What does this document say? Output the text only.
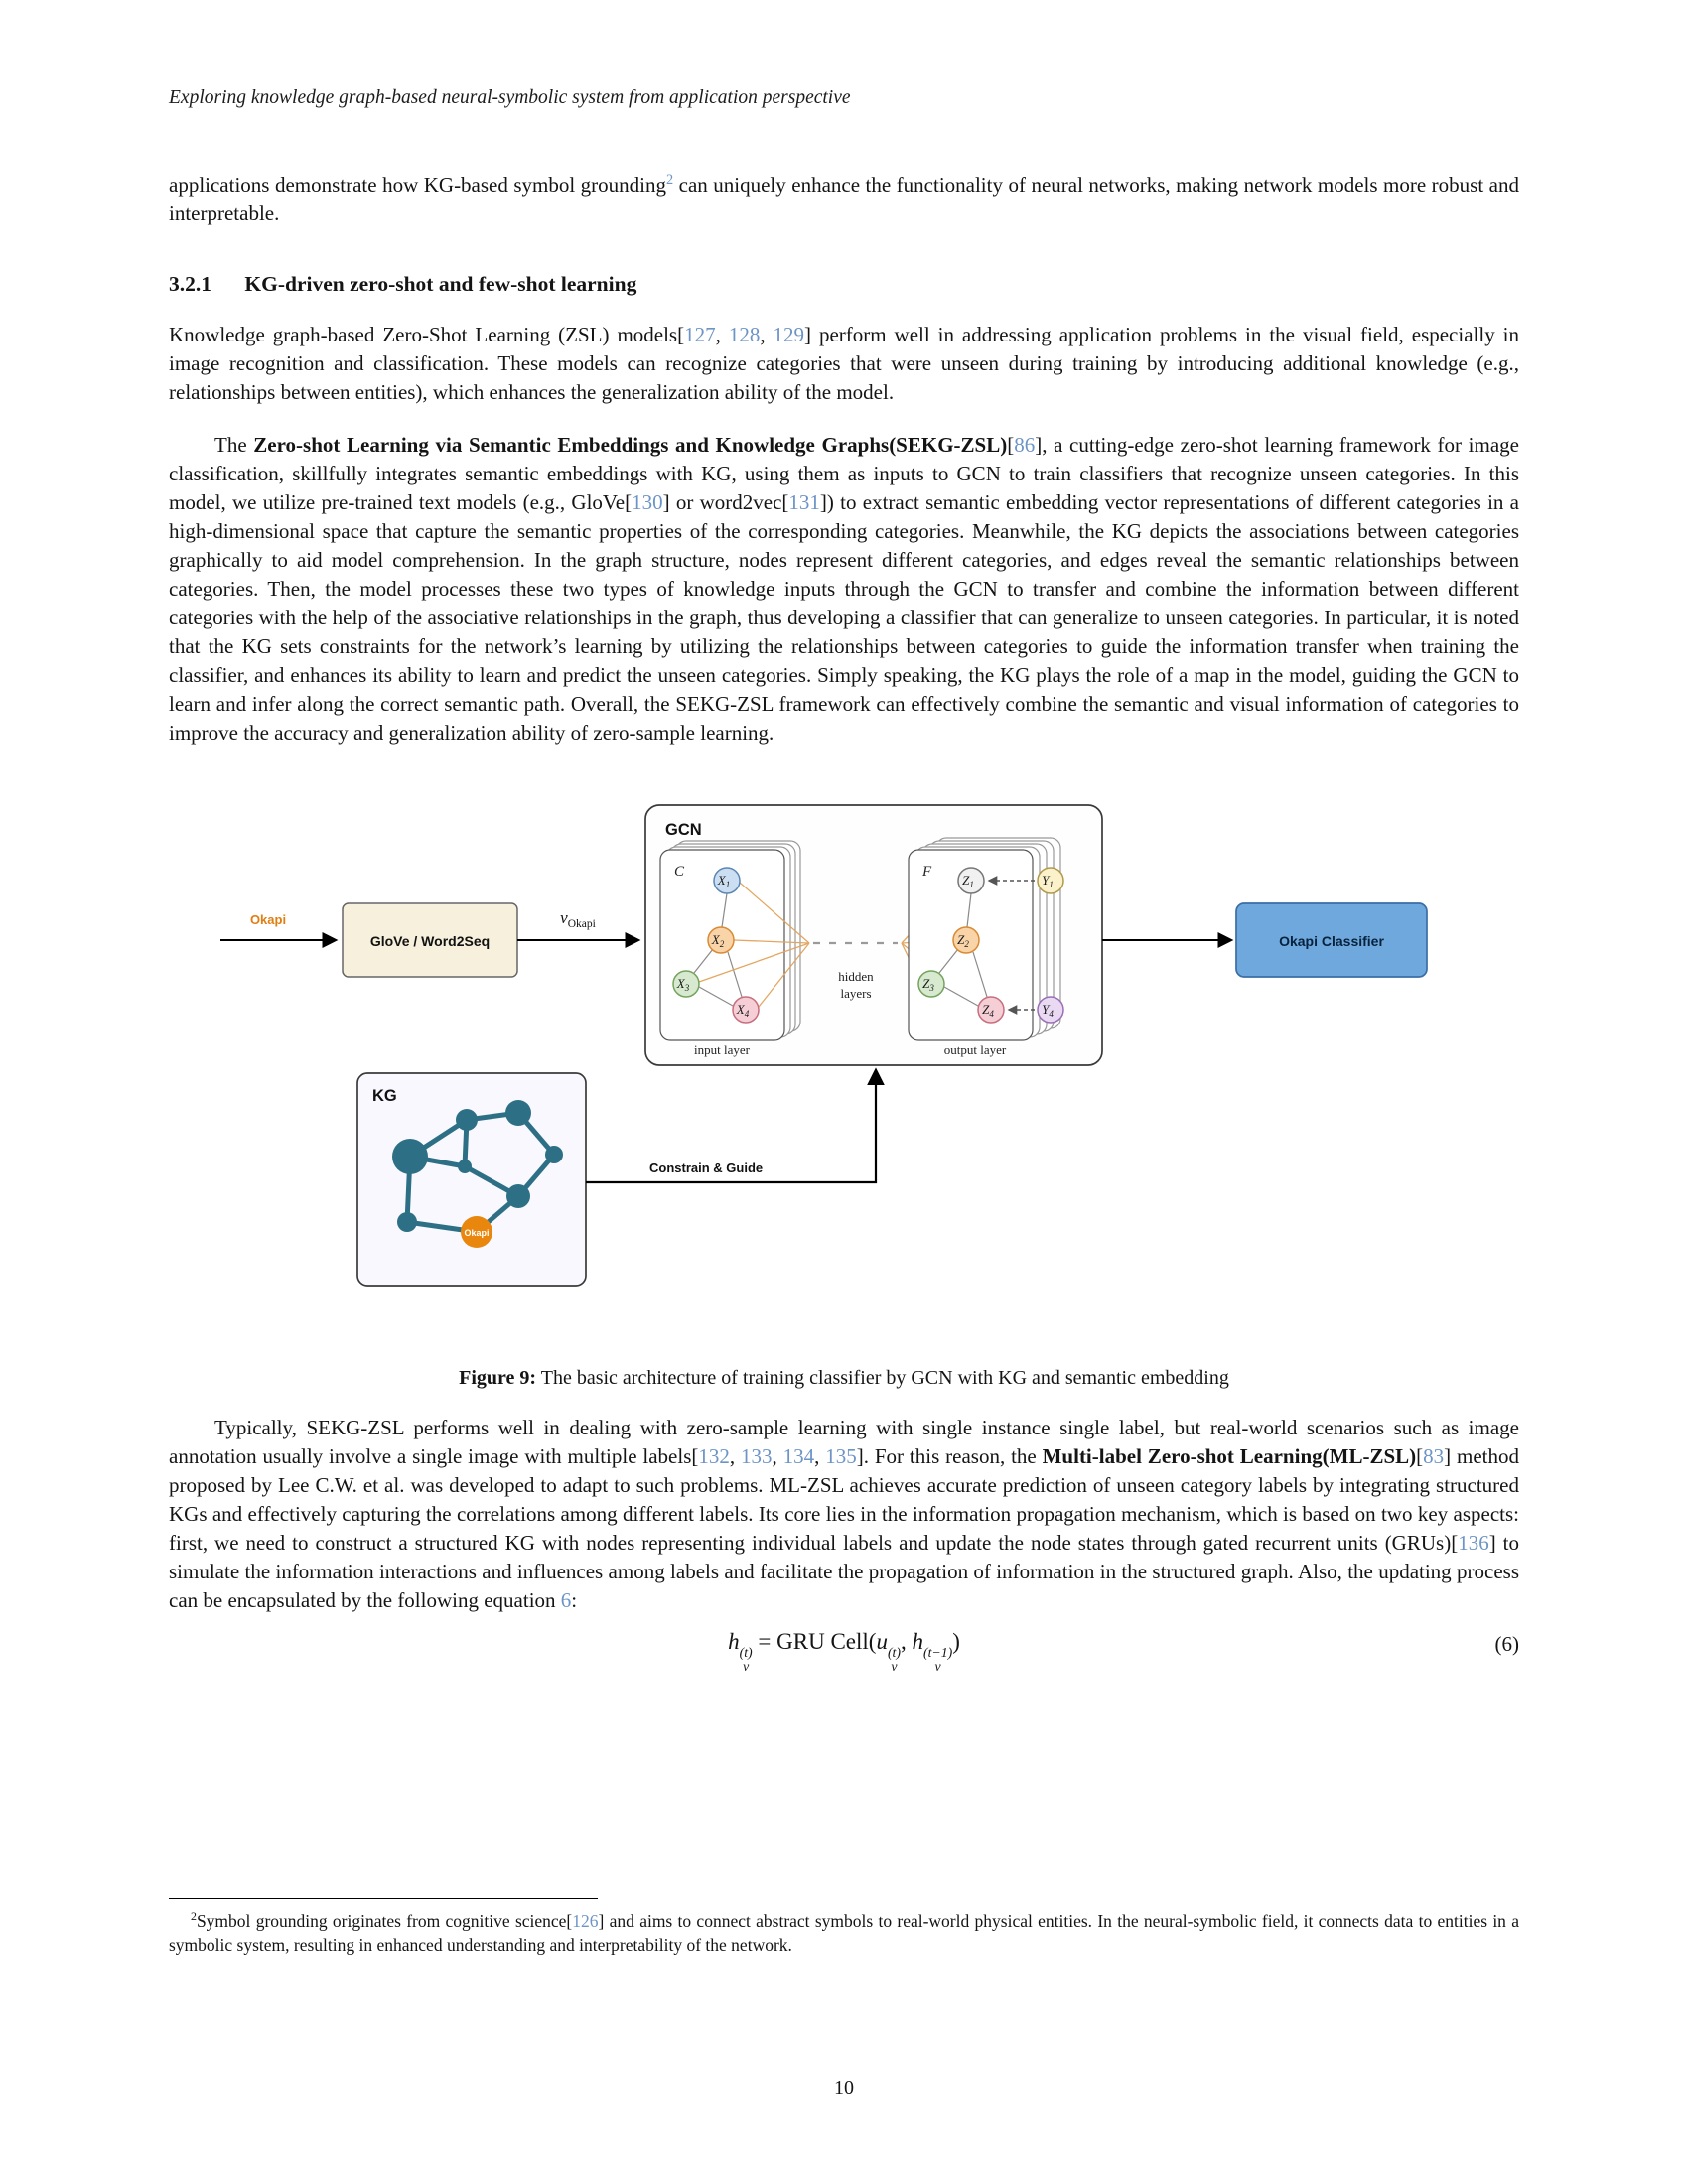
Exploring knowledge graph-based neural-symbolic system from application perspective

applications demonstrate how KG-based symbol grounding$^2$ can uniquely enhance the functionality of neural networks, making network models more robust and interpretable.

3.2.1 KG-driven zero-shot and few-shot learning

Knowledge graph-based Zero-Shot Learning (ZSL) models[127, 128, 129] perform well in addressing application problems in the visual field, especially in image recognition and classification. These models can recognize categories that were unseen during training by introducing additional knowledge (e.g., relationships between entities), which enhances the generalization ability of the model.

The Zero-shot Learning via Semantic Embeddings and Knowledge Graphs(SEKG-ZSL)[86], a cutting-edge zero-shot learning framework for image classification, skillfully integrates semantic embeddings with KG, using them as inputs to GCN to train classifiers that recognize unseen categories. In this model, we utilize pre-trained text models (e.g., GloVe[130] or word2vec[131]) to extract semantic embedding vector representations of different categories in a high-dimensional space that capture the semantic properties of the corresponding categories. Meanwhile, the KG depicts the associations between categories graphically to aid model comprehension. In the graph structure, nodes represent different categories, and edges reveal the semantic relationships between categories. Then, the model processes these two types of knowledge inputs through the GCN to transfer and combine the information between different categories with the help of the associative relationships in the graph, thus developing a classifier that can generalize to unseen categories. In particular, it is noted that the KG sets constraints for the network’s learning by utilizing the relationships between categories to guide the information transfer when training the classifier, and enhances its ability to learn and predict the unseen categories. Simply speaking, the KG plays the role of a map in the model, guiding the GCN to learn and infer along the correct semantic path. Overall, the SEKG-ZSL framework can effectively combine the semantic and visual information of categories to improve the accuracy and generalization ability of zero-sample learning.

Okapi
GloVe / Word2Seq
$v_{Okapi}$
GCN
C
hidden
layers
$X_1$
$X_2$
$X_3$
$X_4$
F
$Z_1$
$Z_2$
$Z_3$
$Z_4$
$Y_1$
$Y_4$
input layer	output layer
Okapi Classifier
KG
Okapi
Constrain & Guide

Figure 9: The basic architecture of training classifier by GCN with KG and semantic embedding

Typically, SEKG-ZSL performs well in dealing with zero-sample learning with single instance single label, but real-world scenarios such as image annotation usually involve a single image with multiple labels[132, 133, 134, 135]. For this reason, the Multi-label Zero-shot Learning(ML-ZSL)[83] method proposed by Lee C.W. et al. was developed to adapt to such problems. ML-ZSL achieves accurate prediction of unseen category labels by integrating structured KGs and effectively capturing the correlations among different labels. Its core lies in the information propagation mechanism, which is based on two key aspects: first, we need to construct a structured KG with nodes representing individual labels and update the node states through gated recurrent units (GRUs)[136] to simulate the information interactions and influences among labels and facilitate the propagation of information in the structured graph. Also, the updating process can be encapsulated by the following equation 6:

h (t)
v
= GRU Cell(u (t)
v
, h (t−1)
v
)	(6)

$^2$Symbol grounding originates from cognitive science[126] and aims to connect abstract symbols to real-world physical entities. In the neural-symbolic field, it connects data to entities in a symbolic system, resulting in enhanced understanding and interpretability of the network.

10
